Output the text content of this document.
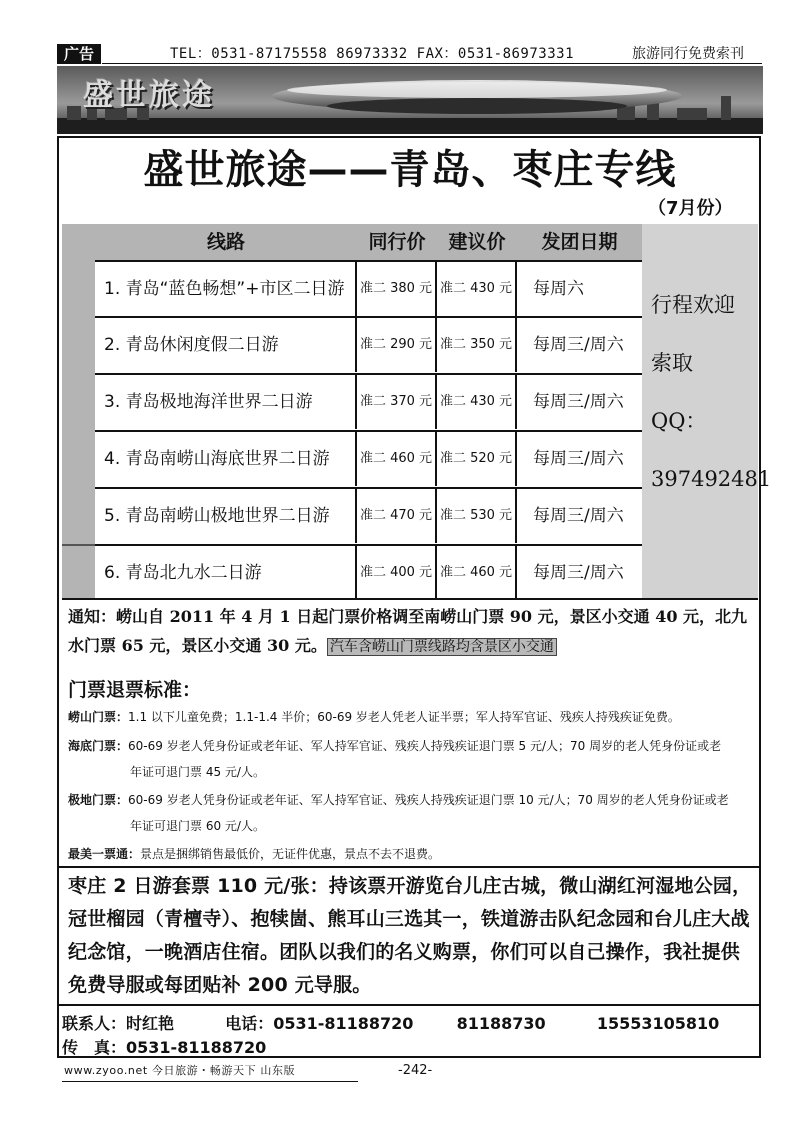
广告	TEL：0531-87175558 86973332 FAX：0531-86973331	旅游同行免费索刊
盛世旅途
盛世旅途——青岛、枣庄专线
（7月份）
线路	同行价	建议价	发团日期
1. 青岛“蓝色畅想”+市区二日游	准二 380 元 准二 430 元	每周六
2. 青岛休闲度假二日游	准二 290 元 准二 350 元	每周三/周六
3. 青岛极地海洋世界二日游	准二 370 元 准二 430 元	每周三/周六
4. 青岛南崂山海底世界二日游	准二 460 元 准二 520 元	每周三/周六
5. 青岛南崂山极地世界二日游	准二 470 元 准二 530 元	每周三/周六
6. 青岛北九水二日游	准二 400 元 准二 460 元	每周三/周六
行程欢迎
索取
QQ：
397492481
通知：崂山自 2011 年 4 月 1 日起门票价格调至南崂山门票 90 元，景区小交通 40 元，北九水门票 65 元，景区小交通 30 元。 汽车含崂山门票线路均含景区小交通
门票退票标准：
崂山门票：1.1 以下儿童免费；1.1-1.4 半价；60-69 岁老人凭老人证半票；军人持军官证、残疾人持残疾证免费。
海底门票：60-69 岁老人凭身份证或老年证、军人持军官证、残疾人持残疾证退门票 5 元/人；70 周岁的老人凭身份证或老
年证可退门票 45 元/人。
极地门票：60-69 岁老人凭身份证或老年证、军人持军官证、残疾人持残疾证退门票 10 元/人；70 周岁的老人凭身份证或老
年证可退门票 60 元/人。
最美一票通：景点是捆绑销售最低价，无证件优惠，景点不去不退费。
枣庄 2 日游套票 110 元/张：持该票开游览台儿庄古城，微山湖红河湿地公园，冠世榴园（青檀寺）、抱犊崮、熊耳山三选其一，铁道游击队纪念园和台儿庄大战纪念馆，一晚酒店住宿。团队以我们的名义购票，你们可以自己操作，我社提供免费导服或每团贴补 200 元导服。
联系人：时红艳	电话：0531-81188720	81188730	15553105810
传　真：0531-81188720
www.zyoo.net 今日旅游・畅游天下 山东版	-242-
